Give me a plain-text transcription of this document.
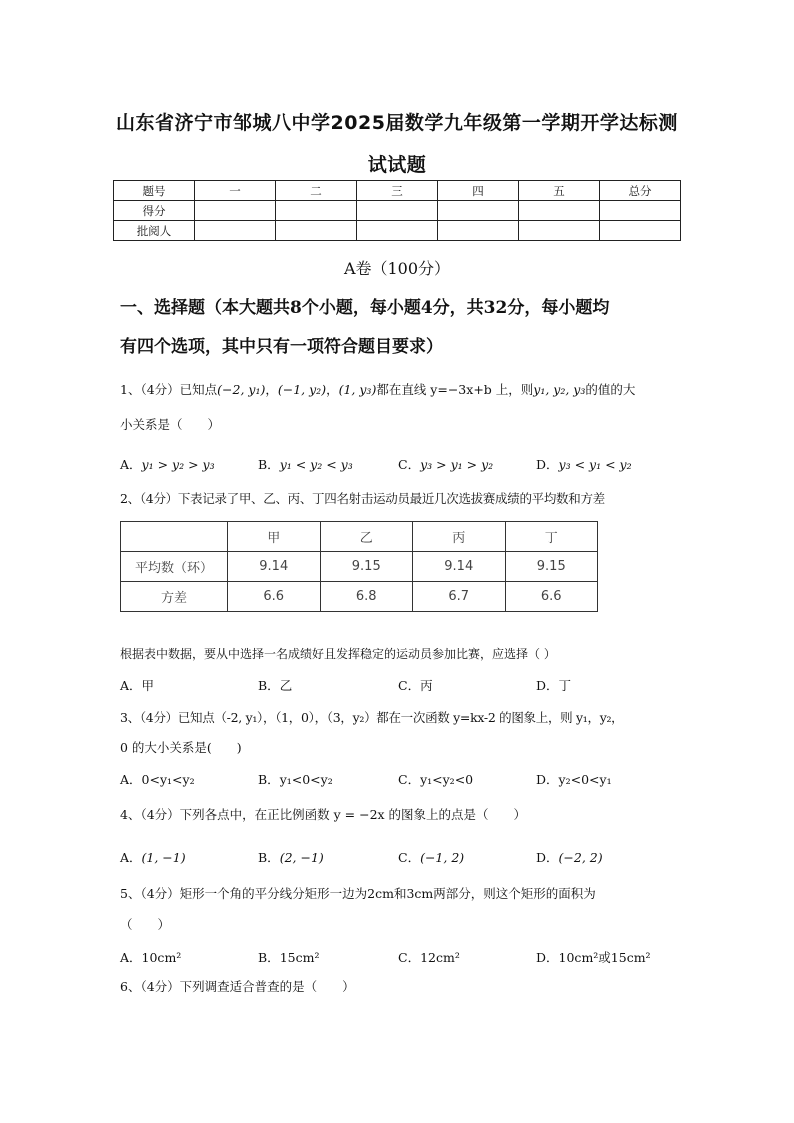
山东省济宁市邹城八中学2025届数学九年级第一学期开学达标测
试试题
题号	一	二	三	四	五	总分
得分						
批阅人						
A卷（100分）
一、选择题（本大题共8个小题，每小题4分，共32分，每小题均
有四个选项，其中只有一项符合题目要求）
1、（4分）已知点(−2, y₁)，(−1, y₂)，(1, y₃)都在直线 y=−3x+b 上，则y₁, y₂, y₃的值的大
小关系是（　　）
A．y₁ > y₂ > y₃	B．y₁ < y₂ < y₃	C．y₃ > y₁ > y₂	D．y₃ < y₁ < y₂
2、（4分）下表记录了甲、乙、丙、丁四名射击运动员最近几次选拔赛成绩的平均数和方差
	甲	乙	丙	丁
平均数（环）	9.14	9.15	9.14	9.15
方差	6.6	6.8	6.7	6.6
根据表中数据，要从中选择一名成绩好且发挥稳定的运动员参加比赛，应选择（ ）
A．甲	B．乙	C．丙	D．丁
3、（4分）已知点（-2, y₁），（1，0），（3，y₂）都在一次函数 y=kx-2 的图象上，则 y₁，y₂，
0 的大小关系是(　　)
A．0<y₁<y₂	B．y₁<0<y₂	C．y₁<y₂<0	D．y₂<0<y₁
4、（4分）下列各点中，在正比例函数 y = −2x 的图象上的点是（　　）
A．(1, −1)	B．(2, −1)	C．(−1, 2)	D．(−2, 2)
5、（4分）矩形一个角的平分线分矩形一边为2cm和3cm两部分，则这个矩形的面积为
（　　）
A．10cm²	B．15cm²	C．12cm²	D．10cm²或15cm²
6、（4分）下列调查适合普查的是（　　）
